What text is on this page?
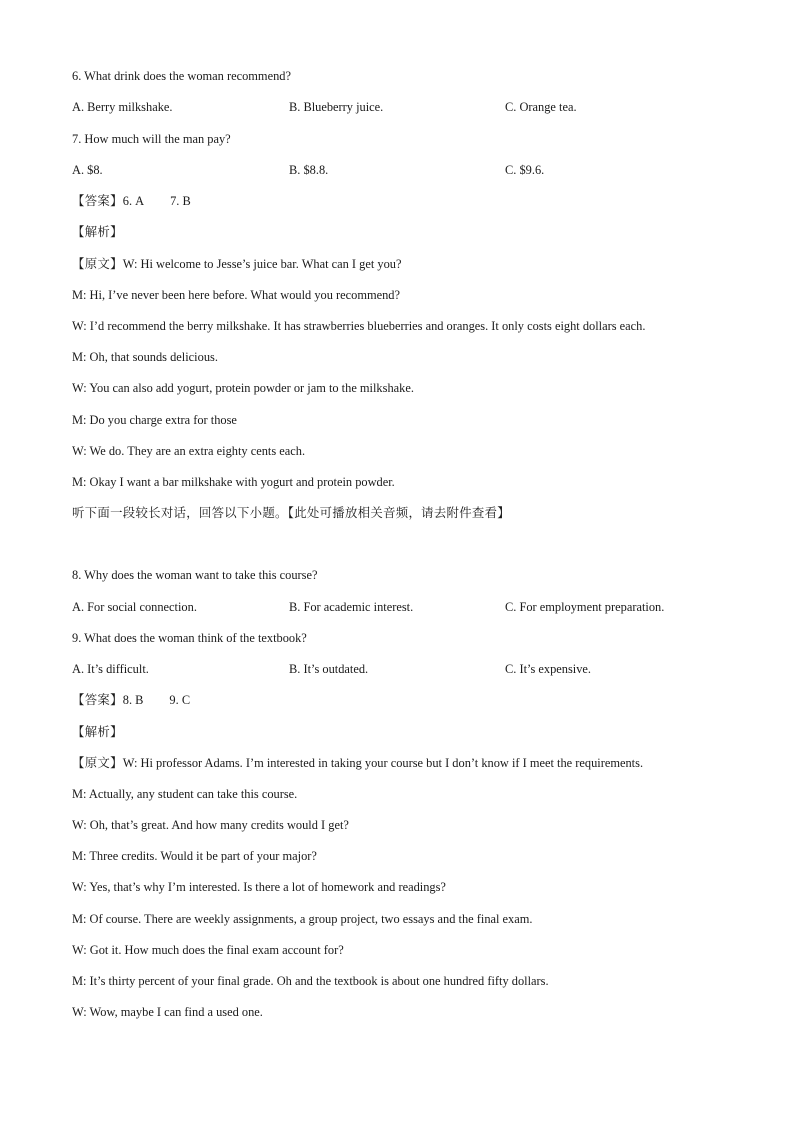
6. What drink does the woman recommend?
A. Berry milkshake.	B. Blueberry juice.	C. Orange tea.
7. How much will the man pay?
A. $8.	B. $8.8.	C. $9.6.
【答案】6. A 7. B
【解析】
【原文】W: Hi welcome to Jesse’s juice bar. What can I get you?
M: Hi, I’ve never been here before. What would you recommend?
W: I’d recommend the berry milkshake. It has strawberries blueberries and oranges. It only costs eight dollars each.
M: Oh, that sounds delicious.
W: You can also add yogurt, protein powder or jam to the milkshake.
M: Do you charge extra for those
W: We do. They are an extra eighty cents each.
M: Okay I want a bar milkshake with yogurt and protein powder.
听下面一段较长对话，回答以下小题。【此处可播放相关音频，请去附件查看】
8. Why does the woman want to take this course?
A. For social connection.	B. For academic interest.	C. For employment preparation.
9. What does the woman think of the textbook?
A. It’s difficult.	B. It’s outdated.	C. It’s expensive.
【答案】8. B 9. C
【解析】
【原文】W: Hi professor Adams. I’m interested in taking your course but I don’t know if I meet the requirements.
M: Actually, any student can take this course.
W: Oh, that’s great. And how many credits would I get?
M: Three credits. Would it be part of your major?
W: Yes, that’s why I’m interested. Is there a lot of homework and readings?
M: Of course. There are weekly assignments, a group project, two essays and the final exam.
W: Got it. How much does the final exam account for?
M: It’s thirty percent of your final grade. Oh and the textbook is about one hundred fifty dollars.
W: Wow, maybe I can find a used one.
